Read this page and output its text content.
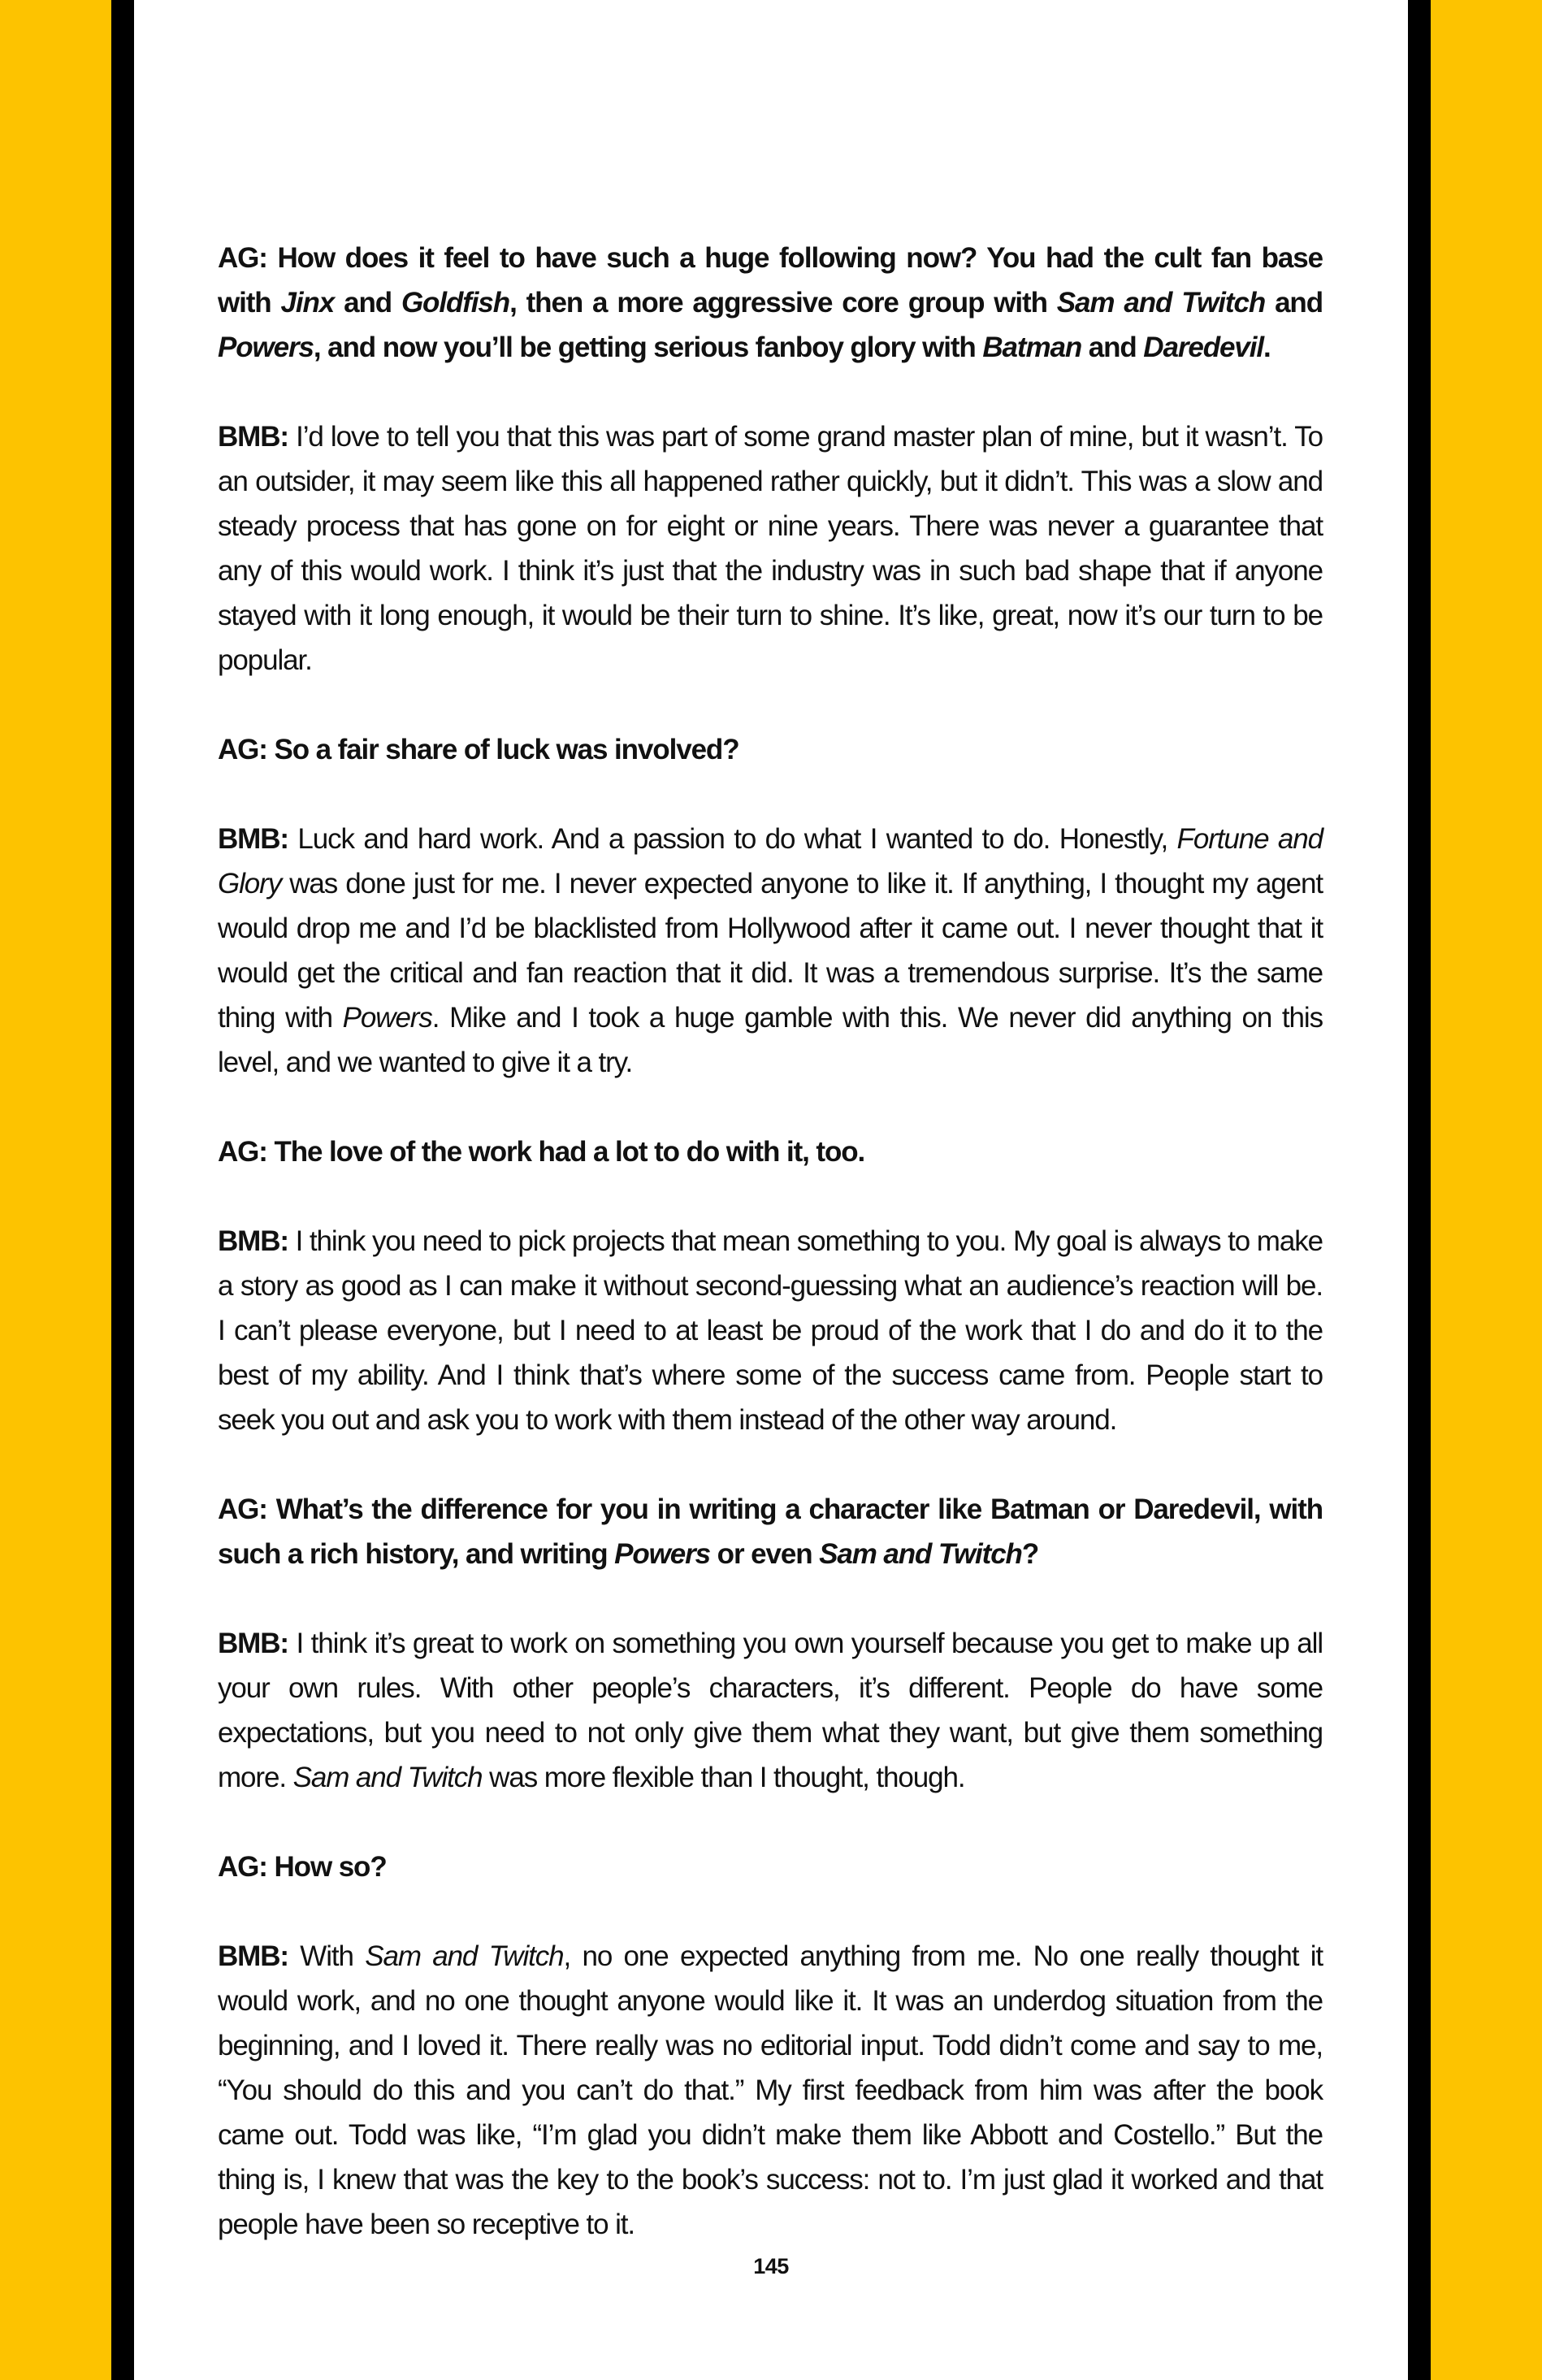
AG: How does it feel to have such a huge following now? You had the cult fan base with Jinx and Goldfish, then a more aggressive core group with Sam and Twitch and Powers, and now you’ll be getting serious fanboy glory with Batman and Daredevil.

BMB: I’d love to tell you that this was part of some grand master plan of mine, but it wasn’t. To an outsider, it may seem like this all happened rather quickly, but it didn’t. This was a slow and steady process that has gone on for eight or nine years. There was never a guarantee that any of this would work. I think it’s just that the industry was in such bad shape that if anyone stayed with it long enough, it would be their turn to shine. It’s like, great, now it’s our turn to be popular.

AG: So a fair share of luck was involved?

BMB: Luck and hard work. And a passion to do what I wanted to do. Honestly, Fortune and Glory was done just for me. I never expected anyone to like it. If anything, I thought my agent would drop me and I’d be blacklisted from Hollywood after it came out. I never thought that it would get the critical and fan reaction that it did. It was a tremendous surprise. It’s the same thing with Powers. Mike and I took a huge gamble with this. We never did anything on this level, and we wanted to give it a try.

AG: The love of the work had a lot to do with it, too.

BMB: I think you need to pick projects that mean something to you. My goal is always to make a story as good as I can make it without second-guessing what an audience’s reaction will be. I can’t please everyone, but I need to at least be proud of the work that I do and do it to the best of my ability. And I think that’s where some of the success came from. People start to seek you out and ask you to work with them instead of the other way around.

AG: What’s the difference for you in writing a character like Batman or Daredevil, with such a rich history, and writing Powers or even Sam and Twitch?

BMB: I think it’s great to work on something you own yourself because you get to make up all your own rules. With other people’s characters, it’s different. People do have some expectations, but you need to not only give them what they want, but give them something more. Sam and Twitch was more flexible than I thought, though.

AG: How so?

BMB: With Sam and Twitch, no one expected anything from me. No one really thought it would work, and no one thought anyone would like it. It was an underdog situation from the beginning, and I loved it. There really was no editorial input. Todd didn’t come and say to me, “You should do this and you can’t do that.” My first feedback from him was after the book came out. Todd was like, “I’m glad you didn’t make them like Abbott and Costello.” But the thing is, I knew that was the key to the book’s success: not to. I’m just glad it worked and that people have been so receptive to it.

145
